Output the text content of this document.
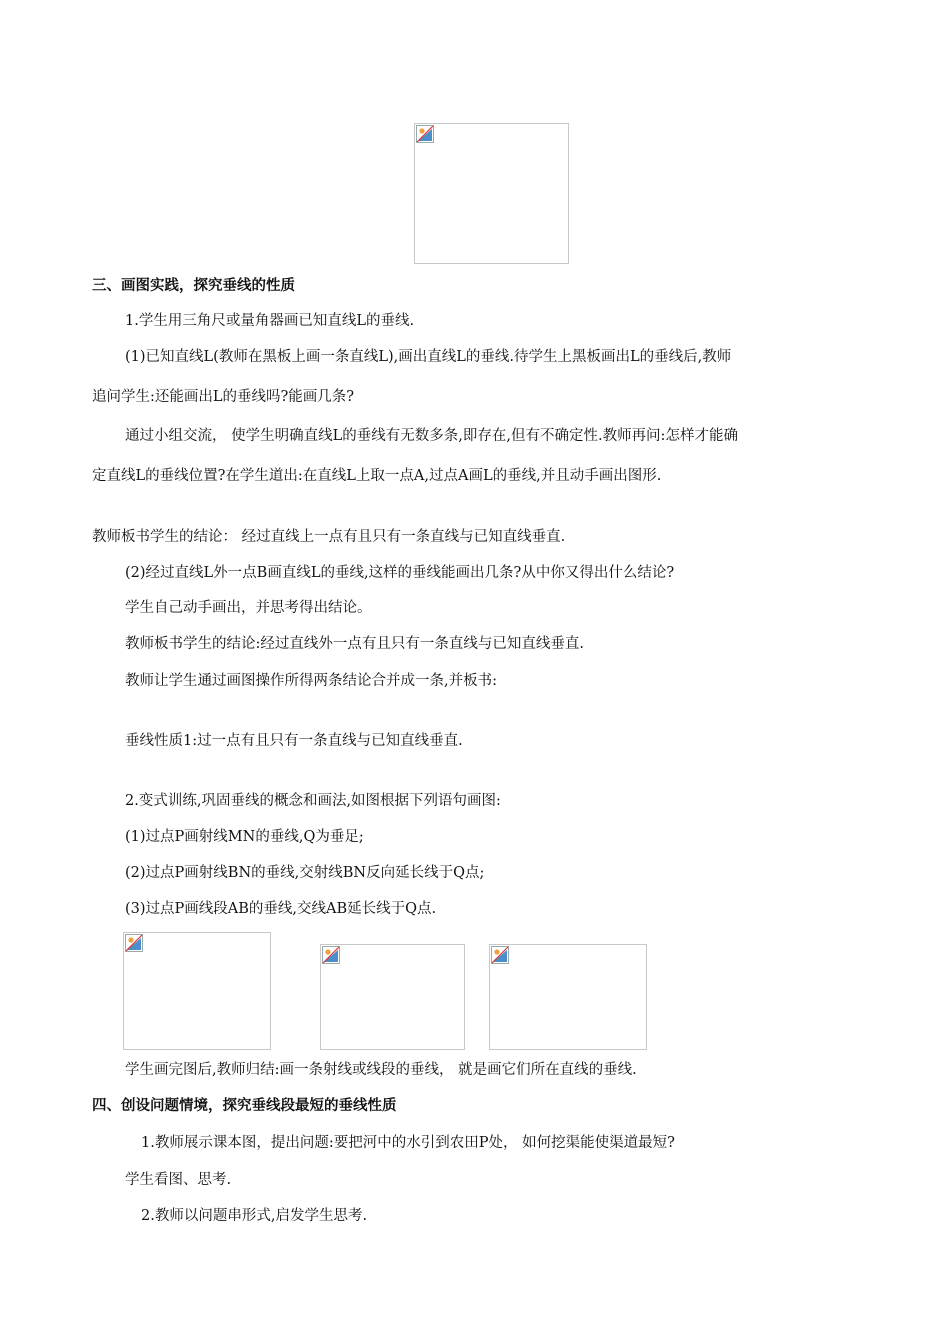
三、画图实践，探究垂线的性质
1.学生用三角尺或量角器画已知直线L的垂线.
(1)已知直线L(教师在黑板上画一条直线L),画出直线L的垂线.待学生上黑板画出L的垂线后,教师
追问学生:还能画出L的垂线吗?能画几条?
通过小组交流， 使学生明确直线L的垂线有无数多条,即存在,但有不确定性.教师再问:怎样才能确
定直线L的垂线位置?在学生道出:在直线L上取一点A,过点A画L的垂线,并且动手画出图形.
教师板书学生的结论： 经过直线上一点有且只有一条直线与已知直线垂直.
(2)经过直线L外一点B画直线L的垂线,这样的垂线能画出几条?从中你又得出什么结论?
学生自己动手画出，并思考得出结论。
教师板书学生的结论:经过直线外一点有且只有一条直线与已知直线垂直.
教师让学生通过画图操作所得两条结论合并成一条,并板书:
垂线性质1:过一点有且只有一条直线与已知直线垂直.
2.变式训练,巩固垂线的概念和画法,如图根据下列语句画图:
(1)过点P画射线MN的垂线,Q为垂足;
(2)过点P画射线BN的垂线,交射线BN反向延长线于Q点;
(3)过点P画线段AB的垂线,交线AB延长线于Q点.
学生画完图后,教师归结:画一条射线或线段的垂线， 就是画它们所在直线的垂线.
四、创设问题情境，探究垂线段最短的垂线性质
1.教师展示课本图，提出问题:要把河中的水引到农田P处， 如何挖渠能使渠道最短?
学生看图、思考.
2.教师以问题串形式,启发学生思考.
